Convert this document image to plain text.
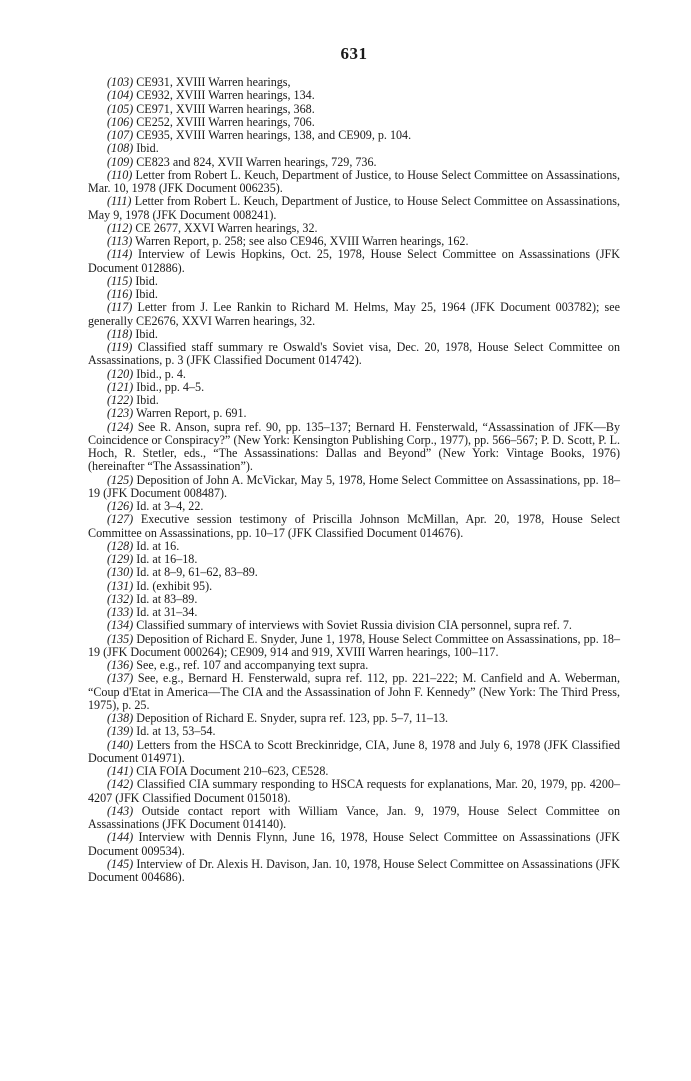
631

(103) CE931, XVIII Warren hearings,

(104) CE932, XVIII Warren hearings, 134.

(105) CE971, XVIII Warren hearings, 368.

(106) CE252, XVIII Warren hearings, 706.

(107) CE935, XVIII Warren hearings, 138, and CE909, p. 104.

(108) Ibid.

(109) CE823 and 824, XVII Warren hearings, 729, 736.

(110) Letter from Robert L. Keuch, Department of Justice, to House Select Committee on Assassinations, Mar. 10, 1978 (JFK Document 006235).

(111) Letter from Robert L. Keuch, Department of Justice, to House Select Committee on Assassinations, May 9, 1978 (JFK Document 008241).

(112) CE 2677, XXVI Warren hearings, 32.

(113) Warren Report, p. 258; see also CE946, XVIII Warren hearings, 162.

(114) Interview of Lewis Hopkins, Oct. 25, 1978, House Select Committee on Assassinations (JFK Document 012886).

(115) Ibid.

(116) Ibid.

(117) Letter from J. Lee Rankin to Richard M. Helms, May 25, 1964 (JFK Document 003782); see generally CE2676, XXVI Warren hearings, 32.

(118) Ibid.

(119) Classified staff summary re Oswald's Soviet visa, Dec. 20, 1978, House Select Committee on Assassinations, p. 3 (JFK Classified Document 014742).

(120) Ibid., p. 4.

(121) Ibid., pp. 4–5.

(122) Ibid.

(123) Warren Report, p. 691.

(124) See R. Anson, supra ref. 90, pp. 135–137; Bernard H. Fensterwald, “Assassination of JFK—By Coincidence or Conspiracy?” (New York: Kensington Publishing Corp., 1977), pp. 566–567; P. D. Scott, P. L. Hoch, R. Stetler, eds., “The Assassinations: Dallas and Beyond” (New York: Vintage Books, 1976) (hereinafter “The Assassination”).

(125) Deposition of John A. McVickar, May 5, 1978, Home Select Committee on Assassinations, pp. 18–19 (JFK Document 008487).

(126) Id. at 3–4, 22.

(127) Executive session testimony of Priscilla Johnson McMillan, Apr. 20, 1978, House Select Committee on Assassinations, pp. 10–17 (JFK Classified Document 014676).

(128) Id. at 16.

(129) Id. at 16–18.

(130) Id. at 8–9, 61–62, 83–89.

(131) Id. (exhibit 95).

(132) Id. at 83–89.

(133) Id. at 31–34.

(134) Classified summary of interviews with Soviet Russia division CIA personnel, supra ref. 7.

(135) Deposition of Richard E. Snyder, June 1, 1978, House Select Committee on Assassinations, pp. 18–19 (JFK Document 000264); CE909, 914 and 919, XVIII Warren hearings, 100–117.

(136) See, e.g., ref. 107 and accompanying text supra.

(137) See, e.g., Bernard H. Fensterwald, supra ref. 112, pp. 221–222; M. Canfield and A. Weberman, “Coup d'Etat in America—The CIA and the Assassination of John F. Kennedy” (New York: The Third Press, 1975), p. 25.

(138) Deposition of Richard E. Snyder, supra ref. 123, pp. 5–7, 11–13.

(139) Id. at 13, 53–54.

(140) Letters from the HSCA to Scott Breckinridge, CIA, June 8, 1978 and July 6, 1978 (JFK Classified Document 014971).

(141) CIA FOIA Document 210–623, CE528.

(142) Classified CIA summary responding to HSCA requests for explanations, Mar. 20, 1979, pp. 4200–4207 (JFK Classified Document 015018).

(143) Outside contact report with William Vance, Jan. 9, 1979, House Select Committee on Assassinations (JFK Document 014140).

(144) Interview with Dennis Flynn, June 16, 1978, House Select Committee on Assassinations (JFK Document 009534).

(145) Interview of Dr. Alexis H. Davison, Jan. 10, 1978, House Select Committee on Assassinations (JFK Document 004686).
